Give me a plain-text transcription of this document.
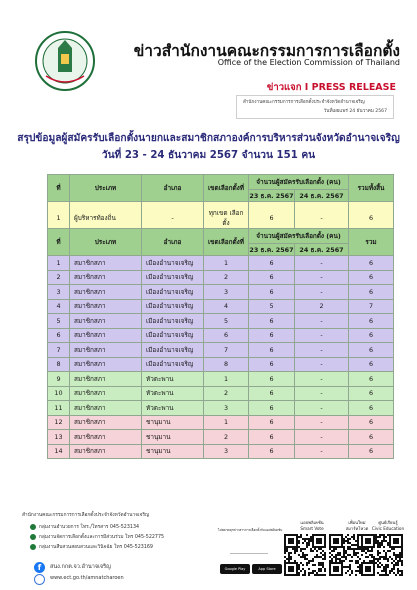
ข่าวสำนักงานคณะกรรมการการเลือกตั้ง
Office of the Election Commission of Thailand
ข่าวแจก I PRESS RELEASE
สำนักงานคณะกรรมการการเลือกตั้งประจำจังหวัดอำนาจเจริญ
วันที่เผยแพร่ 24 ธันวาคม 2567
สรุปข้อมูลผู้สมัครรับเลือกตั้งนายกและสมาชิกสภาองค์การบริหารส่วนจังหวัดอำนาจเจริญ
วันที่ 23 - 24 ธันวาคม 2567 จำนวน 151 คน
ที่	ประเภท	อำเภอ	เขตเลือกตั้งที่	จำนวนผู้สมัครรับเลือกตั้ง (คน)		รวมทั้งสิ้น
				23 ธ.ค. 2567	24 ธ.ค. 2567	
1	ผู้บริหารท้องถิ่น	-	ทุกเขต เลือกตั้ง	6	-	6
ที่	ประเภท	อำเภอ	เขตเลือกตั้งที่	จำนวนผู้สมัครรับเลือกตั้ง (คน)		รวม
				23 ธ.ค. 2567	24 ธ.ค. 2567	
1	สมาชิกสภา	เมืองอำนาจเจริญ	1	6	-	6
2	สมาชิกสภา	เมืองอำนาจเจริญ	2	6	-	6
3	สมาชิกสภา	เมืองอำนาจเจริญ	3	6	-	6
4	สมาชิกสภา	เมืองอำนาจเจริญ	4	5	2	7
5	สมาชิกสภา	เมืองอำนาจเจริญ	5	6	-	6
6	สมาชิกสภา	เมืองอำนาจเจริญ	6	6	-	6
7	สมาชิกสภา	เมืองอำนาจเจริญ	7	6	-	6
8	สมาชิกสภา	เมืองอำนาจเจริญ	8	6	-	6
9	สมาชิกสภา	หัวตะพาน	1	6	-	6
10	สมาชิกสภา	หัวตะพาน	2	6	-	6
11	สมาชิกสภา	หัวตะพาน	3	6	-	6
12	สมาชิกสภา	ชานุมาน	1	6	-	6
13	สมาชิกสภา	ชานุมาน	2	6	-	6
14	สมาชิกสภา	ชานุมาน	3	6	-	6
สำนักงานคณะกรรมการการเลือกตั้งประจำจังหวัดอำนาจเจริญ
กลุ่มงานอำนวยการ โทร./โทรสาร 045-523134
กลุ่มงานจัดการเลือกตั้งและการมีส่วนร่วม โทร 045-522775
กลุ่มงานสืบสวนสอบสวนและวินิจฉัย โทร 045-523169
f	สนง.กกต.จว.อำนาจเจริญ
www.ect.go.th/amnatcharoen
ไม่พลาดทุกข่าวสารการเลือกตั้งกับแอปพลิเคชัน
Google Play	App Store
แอปพลิเคชัน
Smart Vote
เพื่อนใหม่
สมาร์ทโหวต
ศูนย์เรียนรู้
Civic Education
